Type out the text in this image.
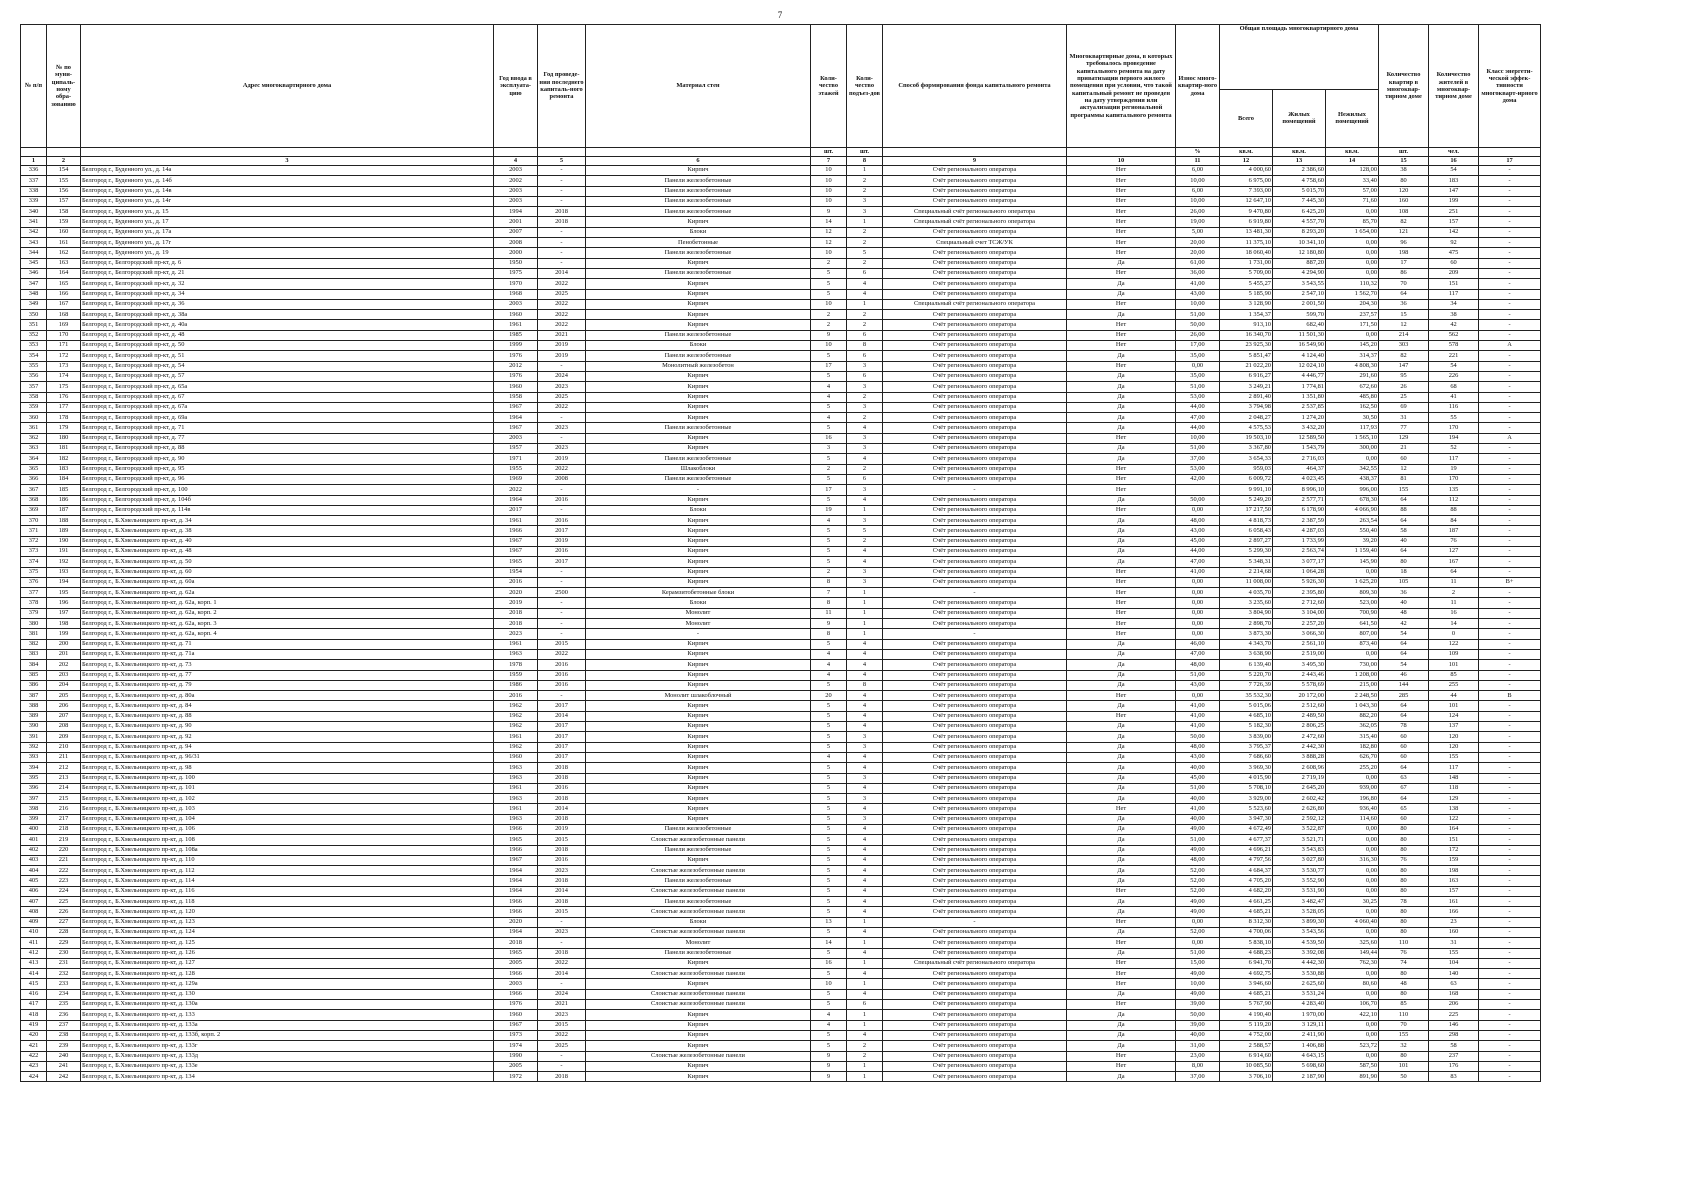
7
№ п/п	№ по муни-ципаль-ному обра-зованию	Адрес многоквартирного дома	Год ввода в эксплуата-цию	Год проведе-ния последнего капиталь-ного ремонта	Материал стен	Коли-чество этажей	Коли-чество подъез-дов	Способ формирования фонда капитального ремонта	Многоквартирные дома, в которых требовалось проведение капитального ремонта на дату приватизации первого жилого помещения при условии, что такой капитальный ремонт не проведен на дату утверждения или актуализации региональной программы капитального ремонта	Износ много-квартир-ного дома	Общая площадь многоквартирного дома			Количество квартир в многоквар-тирном доме	Количество жителей в многоквар-тирном доме	Класс энергети-ческой эффек-тивности многокварт-ирного дома
											Всего	Жилых помещений	Нежилых помещений			
						шт.	шт.			%	кв.м.	кв.м.	кв.м.	шт.	чел.	
1	2	3	4	5	6	7	8	9	10	11	12	13	14	15	16	17
336	154	Белгород г., Буденного ул., д. 14а	2003	-	Кирпич	10	1	Счёт регионального оператора	Нет	6,00	4 000,60	2 386,60	128,00	38	54	-
337	155	Белгород г., Буденного ул., д. 14б	2002	-	Панели железобетонные	10	2	Счёт регионального оператора	Нет	10,00	6 975,00	4 758,60	33,40	80	183	-
338	156	Белгород г., Буденного ул., д. 14в	2003	-	Панели железобетонные	10	2	Счёт регионального оператора	Нет	6,00	7 393,00	5 015,70	57,00	120	147	-
339	157	Белгород г., Буденного ул., д. 14г	2003	-	Панели железобетонные	10	3	Счёт регионального оператора	Нет	10,00	12 647,10	7 445,30	71,60	160	199	-
340	158	Белгород г., Буденного ул., д. 15	1994	2018	Панели железобетонные	9	3	Специальный счёт регионального оператора	Нет	26,00	9 470,80	6 425,20	0,00	108	251	-
341	159	Белгород г., Буденного ул., д. 17	2001	2018	Кирпич	14	1	Специальный счёт регионального оператора	Нет	19,00	6 919,80	4 557,70	85,70	82	157	-
342	160	Белгород г., Буденного ул., д. 17а	2007	-	Блоки	12	2	Счёт регионального оператора	Нет	5,00	13 481,30	8 293,20	1 654,00	121	142	-
343	161	Белгород г., Буденного ул., д. 17г	2008	-	Пенобетонные	12	2	Специальный счет ТСЖ/УК	Нет	20,00	11 375,10	10 341,10	0,00	96	92	-
344	162	Белгород г., Буденного ул., д. 19	2000	-	Панели железобетонные	10	5	Счёт регионального оператора	Нет	20,00	18 060,40	12 180,80	0,00	198	475	-
345	163	Белгород г., Белгородский пр-кт, д. 6	1950	-	Кирпич	2	2	Счёт регионального оператора	Да	61,00	1 731,00	887,20	0,00	17	60	-
346	164	Белгород г., Белгородский пр-кт, д. 21	1975	2014	Панели железобетонные	5	6	Счёт регионального оператора	Нет	36,00	5 709,00	4 294,90	0,00	86	209	-
347	165	Белгород г., Белгородский пр-кт, д. 32	1970	2022	Кирпич	5	4	Счёт регионального оператора	Да	41,00	5 455,27	3 543,55	110,32	70	151	-
348	166	Белгород г., Белгородский пр-кт, д. 34	1968	2025	Кирпич	5	4	Счёт регионального оператора	Да	43,00	5 185,90	2 547,10	1 562,70	64	117	-
349	167	Белгород г., Белгородский пр-кт, д. 36	2003	2022	Кирпич	10	1	Специальный счёт регионального оператора	Нет	10,00	3 128,90	2 001,50	204,30	36	34	-
350	168	Белгород г., Белгородский пр-кт, д. 38а	1960	2022	Кирпич	2	2	Счёт регионального оператора	Да	51,00	1 354,37	599,70	237,57	15	38	-
351	169	Белгород г., Белгородский пр-кт, д. 40а	1961	2022	Кирпич	2	2	Счёт регионального оператора	Нет	50,00	913,10	682,40	171,50	12	42	-
352	170	Белгород г., Белгородский пр-кт, д. 48	1985	2021	Панели железобетонные	9	6	Счёт регионального оператора	Нет	26,00	16 340,70	11 501,30	0,00	214	562	-
353	171	Белгород г., Белгородский пр-кт, д. 50	1999	2019	Блоки	10	8	Счёт регионального оператора	Нет	17,00	23 925,30	16 549,90	145,20	303	578	А
354	172	Белгород г., Белгородский пр-кт, д. 51	1976	2019	Панели железобетонные	5	6	Счёт регионального оператора	Да	35,00	5 851,47	4 124,40	314,37	82	221	-
355	173	Белгород г., Белгородский пр-кт, д. 54	2012	-	Монолитный железобетон	17	3	Счёт регионального оператора	Нет	0,00	21 022,20	12 024,10	4 808,30	147	54	-
356	174	Белгород г., Белгородский пр-кт, д. 57	1976	2024	Кирпич	5	6	Счёт регионального оператора	Да	35,00	6 916,27	4 446,77	291,60	95	226	-
357	175	Белгород г., Белгородский пр-кт, д. 65а	1960	2023	Кирпич	4	3	Счёт регионального оператора	Да	51,00	3 249,21	1 774,81	672,60	26	68	-
358	176	Белгород г., Белгородский пр-кт, д. 67	1958	2025	Кирпич	4	2	Счёт регионального оператора	Да	53,00	2 891,40	1 351,80	485,80	25	41	-
359	177	Белгород г., Белгородский пр-кт, д. 67а	1967	2022	Кирпич	5	3	Счёт регионального оператора	Да	44,00	3 794,98	2 537,85	162,50	69	116	-
360	178	Белгород г., Белгородский пр-кт, д. 69а	1964	-	Кирпич	4	2	Счёт регионального оператора	Да	47,00	2 048,27	1 274,20	30,50	31	55	-
361	179	Белгород г., Белгородский пр-кт, д. 71	1967	2023	Панели железобетонные	5	4	Счёт регионального оператора	Да	44,00	4 575,53	3 432,20	117,93	77	170	-
362	180	Белгород г., Белгородский пр-кт, д. 77	2003	-	Кирпич	16	3	Счёт регионального оператора	Нет	10,00	19 503,10	12 589,50	1 565,10	129	194	А
363	181	Белгород г., Белгородский пр-кт, д. 88	1957	2023	Кирпич	3	3	Счёт регионального оператора	Да	51,00	3 367,80	1 543,79	300,00	21	52	-
364	182	Белгород г., Белгородский пр-кт, д. 90	1971	2019	Панели железобетонные	5	4	Счёт регионального оператора	Да	37,00	3 654,33	2 716,03	0,00	60	117	-
365	183	Белгород г., Белгородский пр-кт, д. 95	1955	2022	Шлакоблоки	2	2	Счёт регионального оператора	Нет	53,00	959,03	464,37	342,55	12	19	-
366	184	Белгород г., Белгородский пр-кт, д. 96	1969	2008	Панели железобетонные	5	6	Счёт регионального оператора	Нет	42,00	6 009,72	4 023,45	438,37	81	170	-
367	185	Белгород г., Белгородский пр-кт, д. 100	2022	-	-	17	3	-	Нет		9 991,10	8 996,10	996,00	155	135	-
368	186	Белгород г., Белгородский пр-кт, д. 104б	1964	2016	Кирпич	5	4	Счёт регионального оператора	Да	50,00	5 249,20	2 577,71	678,30	64	112	-
369	187	Белгород г., Белгородский пр-кт, д. 114в	2017	-	Блоки	19	1	Счёт регионального оператора	Нет	0,00	17 217,50	6 178,90	4 066,90	88	88	-
370	188	Белгород г., Б.Хмельницкого пр-кт, д. 34	1961	2016	Кирпич	4	3	Счёт регионального оператора	Да	48,00	4 818,73	2 387,59	263,54	64	84	-
371	189	Белгород г., Б.Хмельницкого пр-кт, д. 38	1966	2017	Кирпич	5	5	Счёт регионального оператора	Да	43,00	6 058,43	4 287,03	550,40	58	187	-
372	190	Белгород г., Б.Хмельницкого пр-кт, д. 40	1967	2019	Кирпич	5	2	Счёт регионального оператора	Да	45,00	2 897,27	1 733,99	39,20	40	76	-
373	191	Белгород г., Б.Хмельницкого пр-кт, д. 48	1967	2016	Кирпич	5	4	Счёт регионального оператора	Да	44,00	5 299,30	2 563,74	1 159,40	64	127	-
374	192	Белгород г., Б.Хмельницкого пр-кт, д. 50	1965	2017	Кирпич	5	4	Счёт регионального оператора	Да	47,00	5 348,31	3 077,17	145,90	80	167	-
375	193	Белгород г., Б.Хмельницкого пр-кт, д. 60	1954	-	Кирпич	2	3	Счёт регионального оператора	Нет	41,00	2 214,68	1 064,28	0,00	18	64	-
376	194	Белгород г., Б.Хмельницкого пр-кт, д. 60а	2016	-	Кирпич	8	3	Счёт регионального оператора	Нет	0,00	11 008,00	5 926,30	1 625,20	105	11	В+
377	195	Белгород г., Б.Хмельницкого пр-кт, д. 62а	2020	2500	Керамзитобетонные блоки	7	1	-	Нет	0,00	4 035,70	2 395,80	809,30	36	2	-
378	196	Белгород г., Б.Хмельницкого пр-кт, д. 62а, корп. 1	2019	-	Блоки	8	1	Счёт регионального оператора	Нет	0,00	3 235,60	2 712,60	523,00	40	11	-
379	197	Белгород г., Б.Хмельницкого пр-кт, д. 62а, корп. 2	2018	-	Монолит	11	1	Счёт регионального оператора	Нет	0,00	3 804,90	3 104,00	700,90	48	16	-
380	198	Белгород г., Б.Хмельницкого пр-кт, д. 62а, корп. 3	2018	-	Монолит	9	1	Счёт регионального оператора	Нет	0,00	2 898,70	2 257,20	641,50	42	14	-
381	199	Белгород г., Б.Хмельницкого пр-кт, д. 62а, корп. 4	2023	-	-	8	1	-	Нет	0,00	3 873,30	3 066,30	807,00	54	0	-
382	200	Белгород г., Б.Хмельницкого пр-кт, д. 71	1961	2015	Кирпич	5	4	Счёт регионального оператора	Да	46,00	4 343,70	2 561,10	873,40	64	122	-
383	201	Белгород г., Б.Хмельницкого пр-кт, д. 71а	1963	2022	Кирпич	4	4	Счёт регионального оператора	Да	47,00	3 638,90	2 519,00	0,00	64	109	-
384	202	Белгород г., Б.Хмельницкого пр-кт, д. 73	1978	2016	Кирпич	4	4	Счёт регионального оператора	Да	48,00	6 139,40	3 495,30	730,00	54	101	-
385	203	Белгород г., Б.Хмельницкого пр-кт, д. 77	1959	2016	Кирпич	4	4	Счёт регионального оператора	Да	51,00	5 220,70	2 443,46	1 208,00	46	85	-
386	204	Белгород г., Б.Хмельницкого пр-кт, д. 79	1986	2016	Кирпич	5	8	Счёт регионального оператора	Да	43,00	7 726,39	5 578,69	215,00	144	255	-
387	205	Белгород г., Б.Хмельницкого пр-кт, д. 80а	2016	-	Монолит шлакоблочный	20	4	Счёт регионального оператора	Нет	0,00	35 532,30	20 172,00	2 248,50	285	44	В
388	206	Белгород г., Б.Хмельницкого пр-кт, д. 84	1962	2017	Кирпич	5	4	Счёт регионального оператора	Да	41,00	5 015,06	2 512,60	1 043,30	64	101	-
389	207	Белгород г., Б.Хмельницкого пр-кт, д. 88	1962	2014	Кирпич	5	4	Счёт регионального оператора	Нет	41,00	4 685,10	2 489,50	882,20	64	124	-
390	208	Белгород г., Б.Хмельницкого пр-кт, д. 90	1962	2017	Кирпич	5	4	Счёт регионального оператора	Да	41,00	5 182,30	2 806,25	362,05	78	137	-
391	209	Белгород г., Б.Хмельницкого пр-кт, д. 92	1961	2017	Кирпич	5	3	Счёт регионального оператора	Да	50,00	3 839,00	2 472,60	315,40	60	120	-
392	210	Белгород г., Б.Хмельницкого пр-кт, д. 94	1962	2017	Кирпич	5	3	Счёт регионального оператора	Да	48,00	3 795,37	2 442,30	182,80	60	120	-
393	211	Белгород г., Б.Хмельницкого пр-кт, д. 96/31	1960	2017	Кирпич	4	4	Счёт регионального оператора	Да	43,00	7 686,60	3 888,28	626,70	60	155	-
394	212	Белгород г., Б.Хмельницкого пр-кт, д. 98	1963	2018	Кирпич	5	4	Счёт регионального оператора	Да	40,00	3 969,30	2 608,96	255,20	64	117	-
395	213	Белгород г., Б.Хмельницкого пр-кт, д. 100	1963	2018	Кирпич	5	3	Счёт регионального оператора	Да	45,00	4 015,90	2 719,19	0,00	63	148	-
396	214	Белгород г., Б.Хмельницкого пр-кт, д. 101	1961	2016	Кирпич	5	4	Счёт регионального оператора	Да	51,00	5 708,10	2 645,20	939,00	67	118	-
397	215	Белгород г., Б.Хмельницкого пр-кт, д. 102	1963	2018	Кирпич	5	3	Счёт регионального оператора	Да	40,00	3 929,00	2 602,42	196,80	64	129	-
398	216	Белгород г., Б.Хмельницкого пр-кт, д. 103	1961	2014	Кирпич	5	4	Счёт регионального оператора	Нет	41,00	5 523,60	2 626,80	936,40	65	138	-
399	217	Белгород г., Б.Хмельницкого пр-кт, д. 104	1963	2018	Кирпич	5	3	Счёт регионального оператора	Да	40,00	3 947,30	2 592,12	114,60	60	122	-
400	218	Белгород г., Б.Хмельницкого пр-кт, д. 106	1966	2019	Панели железобетонные	5	4	Счёт регионального оператора	Да	49,00	4 672,49	3 522,87	0,00	80	164	-
401	219	Белгород г., Б.Хмельницкого пр-кт, д. 108	1965	2015	Слоистые железобетонные панели	5	4	Счёт регионального оператора	Да	51,00	4 677,37	3 521,71	0,00	80	151	-
402	220	Белгород г., Б.Хмельницкого пр-кт, д. 108а	1966	2018	Панели железобетонные	5	4	Счёт регионального оператора	Да	49,00	4 696,21	3 543,83	0,00	80	172	-
403	221	Белгород г., Б.Хмельницкого пр-кт, д. 110	1967	2016	Кирпич	5	4	Счёт регионального оператора	Да	48,00	4 797,56	3 027,80	316,30	76	159	-
404	222	Белгород г., Б.Хмельницкого пр-кт, д. 112	1964	2023	Слоистые железобетонные панели	5	4	Счёт регионального оператора	Да	52,00	4 684,37	3 530,77	0,00	80	198	-
405	223	Белгород г., Б.Хмельницкого пр-кт, д. 114	1964	2018	Панели железобетонные	5	4	Счёт регионального оператора	Да	52,00	4 705,20	3 552,90	0,00	80	163	-
406	224	Белгород г., Б.Хмельницкого пр-кт, д. 116	1964	2014	Слоистые железобетонные панели	5	4	Счёт регионального оператора	Нет	52,00	4 682,20	3 531,90	0,00	80	157	-
407	225	Белгород г., Б.Хмельницкого пр-кт, д. 118	1966	2018	Панели железобетонные	5	4	Счёт регионального оператора	Да	49,00	4 661,25	3 482,47	30,25	78	161	-
408	226	Белгород г., Б.Хмельницкого пр-кт, д. 120	1966	2015	Слоистые железобетонные панели	5	4	Счёт регионального оператора	Да	49,00	4 685,21	3 528,05	0,00	80	166	-
409	227	Белгород г., Б.Хмельницкого пр-кт, д. 123	2020	-	Блоки	13	1	-	Нет	0,00	8 312,30	3 899,30	4 060,40	80	23	-
410	228	Белгород г., Б.Хмельницкого пр-кт, д. 124	1964	2023	Слоистые железобетонные панели	5	4	Счёт регионального оператора	Да	52,00	4 700,06	3 543,56	0,00	80	160	-
411	229	Белгород г., Б.Хмельницкого пр-кт, д. 125	2018	-	Монолит	14	1	Счёт регионального оператора	Нет	0,00	5 838,10	4 539,50	325,60	110	31	-
412	230	Белгород г., Б.Хмельницкого пр-кт, д. 126	1965	2018	Панели железобетонные	5	4	Счёт регионального оператора	Да	51,00	4 688,23	3 392,08	149,44	76	155	-
413	231	Белгород г., Б.Хмельницкого пр-кт, д. 127	2005	2022	Кирпич	16	1	Специальный счёт регионального оператора	Нет	15,00	6 941,70	4 442,30	762,30	74	104	-
414	232	Белгород г., Б.Хмельницкого пр-кт, д. 128	1966	2014	Слоистые железобетонные панели	5	4	Счёт регионального оператора	Нет	49,00	4 692,75	3 530,88	0,00	80	140	-
415	233	Белгород г., Б.Хмельницкого пр-кт, д. 129а	2003	-	Кирпич	10	1	Счёт регионального оператора	Нет	10,00	3 946,60	2 625,60	80,60	48	63	-
416	234	Белгород г., Б.Хмельницкого пр-кт, д. 130	1966	2024	Слоистые железобетонные панели	5	4	Счёт регионального оператора	Да	49,00	4 685,21	3 531,24	0,00	80	168	-
417	235	Белгород г., Б.Хмельницкого пр-кт, д. 130а	1976	2021	Слоистые железобетонные панели	5	6	Счёт регионального оператора	Нет	39,00	5 767,90	4 283,40	106,70	85	206	-
418	236	Белгород г., Б.Хмельницкого пр-кт, д. 133	1960	2023	Кирпич	4	1	Счёт регионального оператора	Да	50,00	4 190,40	1 970,00	422,10	110	225	-
419	237	Белгород г., Б.Хмельницкого пр-кт, д. 133а	1967	2015	Кирпич	4	1	Счёт регионального оператора	Да	39,00	5 119,20	3 129,11	0,00	70	146	-
420	238	Белгород г., Б.Хмельницкого пр-кт, д. 133б, корп. 2	1973	2022	Кирпич	5	4	Счёт регионального оператора	Да	40,00	4 752,00	2 411,90	0,00	155	298	-
421	239	Белгород г., Б.Хмельницкого пр-кт, д. 133г	1974	2025	Кирпич	5	2	Счёт регионального оператора	Да	31,00	2 588,57	1 406,88	523,72	32	58	-
422	240	Белгород г., Б.Хмельницкого пр-кт, д. 133д	1990	-	Слоистые железобетонные панели	9	2	Счёт регионального оператора	Нет	23,00	6 914,60	4 643,15	0,00	80	237	-
423	241	Белгород г., Б.Хмельницкого пр-кт, д. 133е	2005	-	Кирпич	9	1	Счёт регионального оператора	Нет	8,00	10 085,50	5 698,60	587,50	101	176	-
424	242	Белгород г., Б.Хмельницкого пр-кт, д. 134	1972	2018	Кирпич	9	1	Счёт регионального оператора	Да	37,00	3 706,10	2 187,90	891,90	50	83	-
